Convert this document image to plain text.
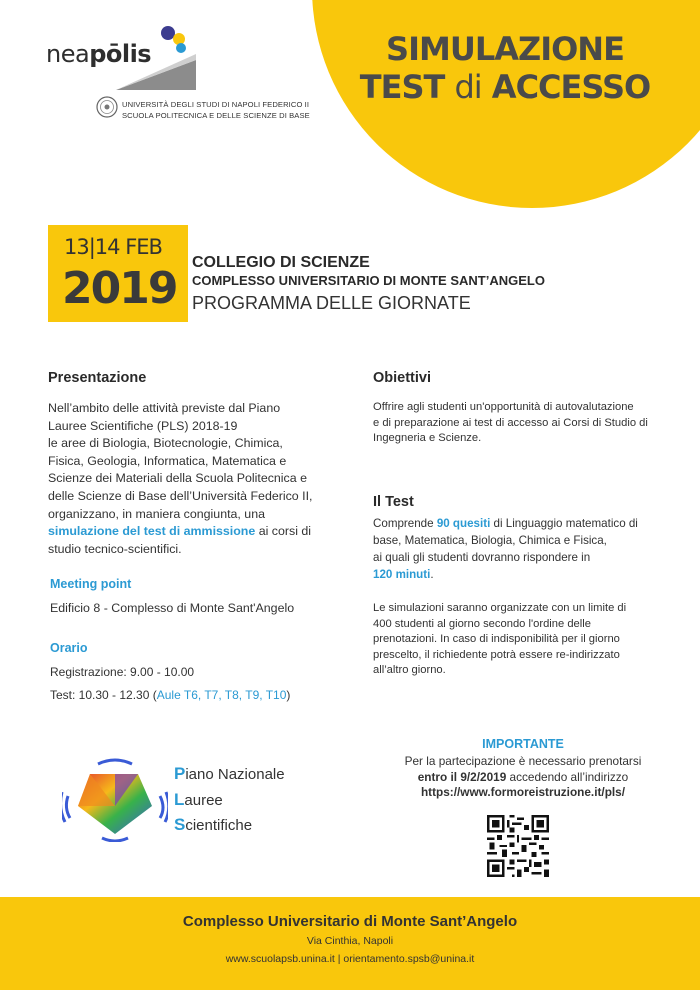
SIMULAZIONE
TEST di ACCESSO
neapōlis
UNIVERSITÀ DEGLI STUDI DI NAPOLI FEDERICO II
SCUOLA POLITECNICA E DELLE SCIENZE DI BASE
13|14 FEB
2019
COLLEGIO DI SCIENZE
COMPLESSO UNIVERSITARIO DI MONTE SANT’ANGELO
PROGRAMMA DELLE GIORNATE
Presentazione
Nell’ambito delle attività previste dal Piano
Lauree Scientifiche (PLS) 2018-19
le aree di Biologia, Biotecnologie, Chimica,
Fisica, Geologia, Informatica, Matematica e
Scienze dei Materiali della Scuola Politecnica e
delle Scienze di Base dell’Università Federico II,
organizzano, in maniera congiunta, una
simulazione del test di ammissione ai corsi di
studio tecnico-scientifici.
Meeting point
Edificio 8 - Complesso di Monte Sant'Angelo
Orario
Registrazione: 9.00 - 10.00
Test: 10.30 - 12.30 (Aule T6, T7, T8, T9, T10)
Obiettivi
Offrire agli studenti un'opportunità di autovalutazione
e di preparazione ai test di accesso ai Corsi di Studio di
Ingegneria e Scienze.
Il Test
Comprende 90 quesiti di Linguaggio matematico di
base, Matematica, Biologia, Chimica e Fisica,
ai quali gli studenti dovranno rispondere in
120 minuti.
Le simulazioni saranno organizzate con un limite di
400 studenti al giorno secondo l'ordine delle
prenotazioni. In caso di indisponibilità per il giorno
prescelto, il richiedente potrà essere re-indirizzato
all’altro giorno.
Piano Nazionale
Lauree
Scientifiche
IMPORTANTE
Per la partecipazione è necessario prenotarsi
entro il 9/2/2019 accedendo all’indirizzo
https://www.formoreistruzione.it/pls/
Complesso Universitario di Monte Sant’Angelo
Via Cinthia, Napoli
www.scuolapsb.unina.it | orientamento.spsb@unina.it
